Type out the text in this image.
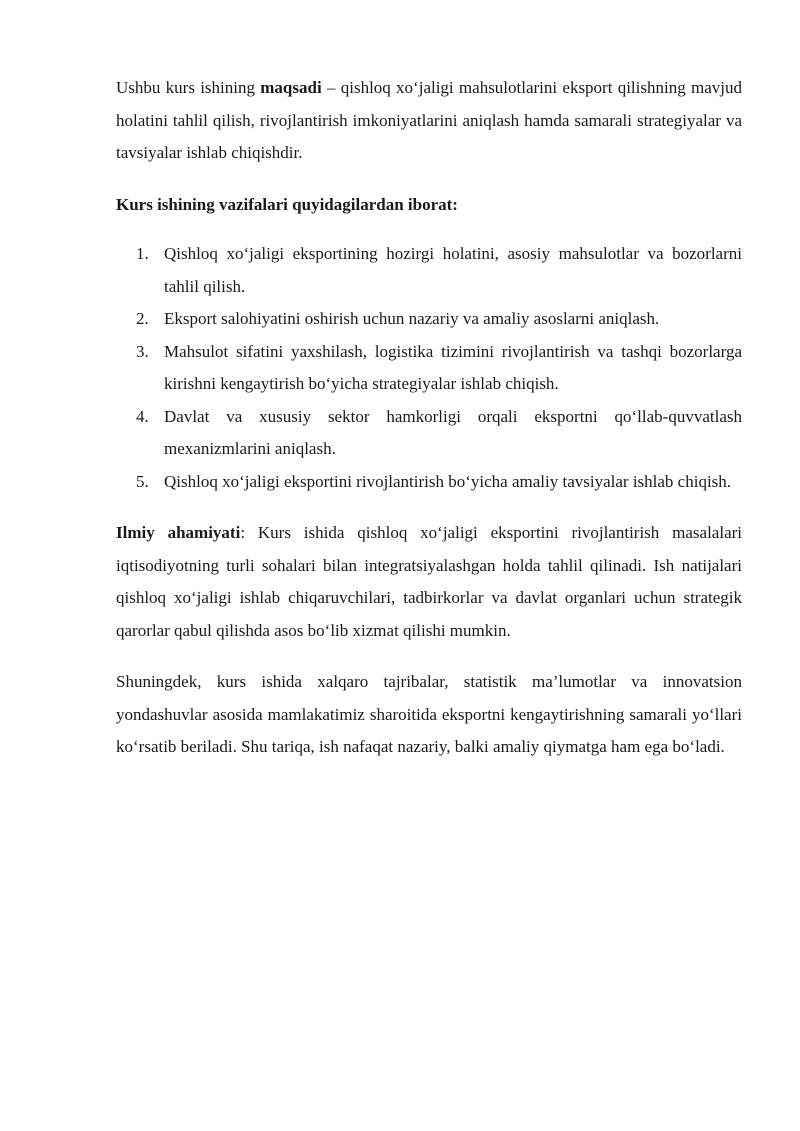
Ushbu kurs ishining maqsadi – qishloq xo‘jaligi mahsulotlarini eksport qilishning mavjud holatini tahlil qilish, rivojlantirish imkoniyatlarini aniqlash hamda samarali strategiyalar va tavsiyalar ishlab chiqishdir.

Kurs ishining vazifalari quyidagilardan iborat:

1. Qishloq xo‘jaligi eksportining hozirgi holatini, asosiy mahsulotlar va bozorlarni tahlil qilish.
2. Eksport salohiyatini oshirish uchun nazariy va amaliy asoslarni aniqlash.
3. Mahsulot sifatini yaxshilash, logistika tizimini rivojlantirish va tashqi bozorlarga kirishni kengaytirish bo‘yicha strategiyalar ishlab chiqish.
4. Davlat va xususiy sektor hamkorligi orqali eksportni qo‘llab-quvvatlash mexanizmlarini aniqlash.
5. Qishloq xo‘jaligi eksportini rivojlantirish bo‘yicha amaliy tavsiyalar ishlab chiqish.

Ilmiy ahamiyati: Kurs ishida qishloq xo‘jaligi eksportini rivojlantirish masalalari iqtisodiyotning turli sohalari bilan integratsiyalashgan holda tahlil qilinadi. Ish natijalari qishloq xo‘jaligi ishlab chiqaruvchilari, tadbirkorlar va davlat organlari uchun strategik qarorlar qabul qilishda asos bo‘lib xizmat qilishi mumkin.

Shuningdek, kurs ishida xalqaro tajribalar, statistik ma’lumotlar va innovatsion yondashuvlar asosida mamlakatimiz sharoitida eksportni kengaytirishning samarali yo‘llari ko‘rsatib beriladi. Shu tariqa, ish nafaqat nazariy, balki amaliy qiymatga ham ega bo‘ladi.
